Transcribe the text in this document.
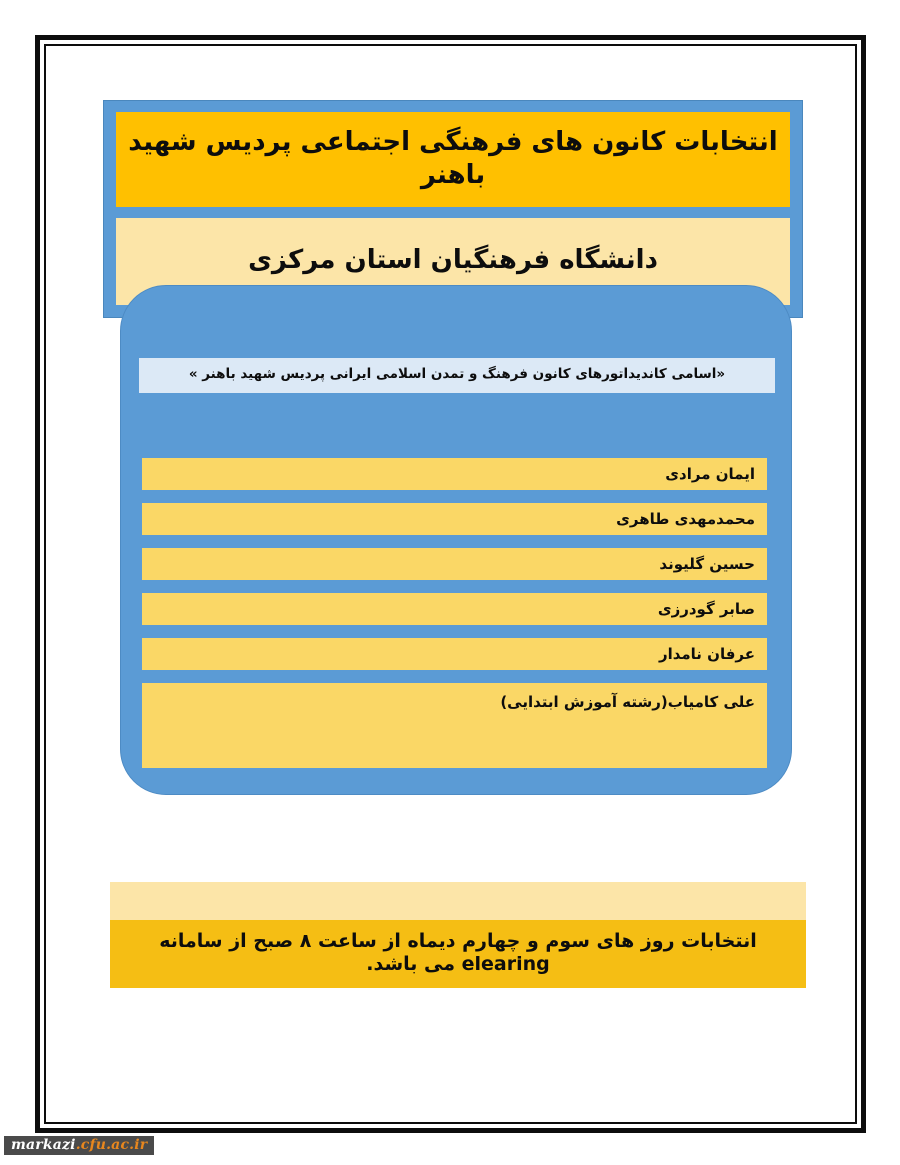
انتخابات کانون های فرهنگی اجتماعی پردیس شهید باهنر
دانشگاه فرهنگیان استان مرکزی
«اسامی کاندیداتورهای کانون فرهنگ و تمدن اسلامی ایرانی پردیس شهید باهنر »
ایمان مرادی
محمدمهدی طاهری
حسین گلیوند
صابر گودرزی
عرفان نامدار
علی کامیاب(رشته آموزش ابتدایی)
انتخابات روز های سوم و چهارم دیماه از ساعت ۸ صبح از سامانه elearing می باشد.
markazi.cfu.ac.ir
